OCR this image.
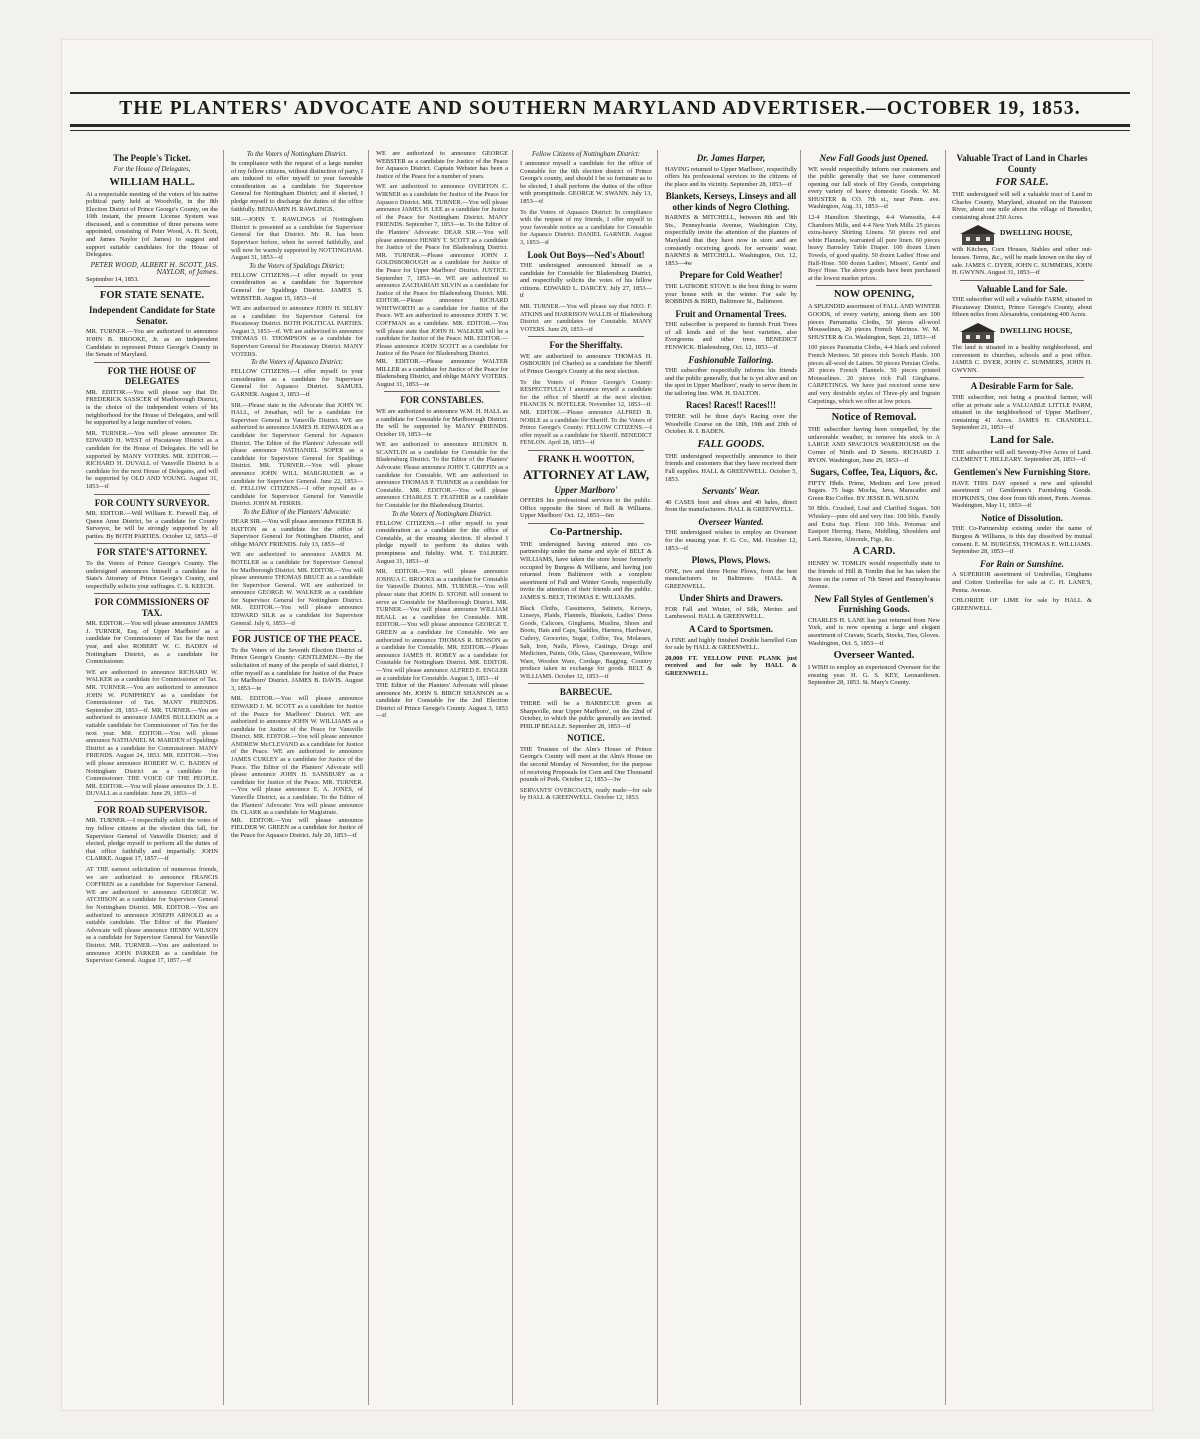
THE PLANTERS' ADVOCATE AND SOUTHERN MARYLAND ADVERTISER.—OCTOBER 19, 1853.
The People's Ticket.
For the House of Delegates,
WILLIAM HALL.
At a respectable meeting of the voters of his native political party held at Woodville, in the 8th Election District of Prince George's County, on the 10th instant, the present License System was discussed, and a committee of three persons were appointed, consisting of Peter Wood, A. H. Scott, and James Naylor (of James) to suggest and support suitable candidates for the House of Delegates.
PETER WOOD, ALBERT H. SCOTT, JAS. NAYLOR, of James.
September 14, 1853.
FOR STATE SENATE.
Independent Candidate for State Senator.
MR. TURNER.—You are authorized to announce JOHN B. BROOKE, Jr. as an Independent Candidate to represent Prince George's County in the Senate of Maryland.
FOR THE HOUSE OF DELEGATES
MR. EDITOR.—You will please say that Dr. FREDERICK SASSCER of Marlborough District, is the choice of the independent voters of his neighborhood for the House of Delegates, and will be supported by a large number of voters.
MR. TURNER.—You will please announce Dr. EDWARD H. WEST of Piscataway District as a candidate for the House of Delegates. He will be supported by MANY VOTERS. MR. EDITOR.—RICHARD H. DUVALL of Vansville District is a candidate for the next House of Delegates, and will be supported by OLD AND YOUNG. August 31, 1853—tf
FOR COUNTY SURVEYOR.
MR. EDITOR.—Will William E. Forwell Esq. of Queen Anne District, be a candidate for County Surveyor, he will be strongly supported by all parties. By BOTH PARTIES. October 12, 1853—tf
FOR STATE'S ATTORNEY.
To the Voters of Prince George's County. The undersigned announces himself a candidate for State's Attorney of Prince George's County, and respectfully solicits your suffrages. C. S. KEECH.
FOR COMMISSIONERS OF TAX.
MR. EDITOR.—You will please announce JAMES J. TURNER, Esq. of Upper Marlboro' as a candidate for Commissioner of Tax for the next year, and also ROBERT W. C. BADEN of Nottingham District, as a candidate for Commissioner.
WE are authorized to announce RICHARD W. WALKER as a candidate for Commissioner of Tax. MR. TURNER.—You are authorized to announce JOHN W. PUMPHREY as a candidate for Commissioner of Tax. MANY FRIENDS. September 28, 1853—tf. MR. TURNER.—You are authorized to announce JAMES BULLEKIN as a suitable candidate for Commissioner of Tax for the next year. MR. EDITOR.—You will please announce NATHANIEL M. MARDEN of Spaldings District as a candidate for Commissioner. MANY FRIENDS. August 24, 1853. MR. EDITOR.—You will please announce ROBERT W. C. BADEN of Nottingham District as a candidate for Commissioner. THE VOICE OF THE PEOPLE. MR. EDITOR.—You will please announce Dr. J. E. DUVALL as a candidate. June 29, 1853—tf
FOR ROAD SUPERVISOR.
MR. TURNER.—I respectfully solicit the votes of my fellow citizens at the election this fall, for Supervisor General of Vansville District; and if elected, pledge myself to perform all the duties of that office faithfully and impartially. JOHN CLARKE. August 17, 1857.—tf
AT THE earnest solicitation of numerous friends, we are authorized to announce FRANCIS COFFREN as a candidate for Supervisor General. WE are authorized to announce GEORGE W. ATCHISON as a candidate for Supervisor General for Nottingham District. MR. EDITOR.—You are authorized to announce JOSEPH ARNOLD as a suitable candidate. The Editor of the Planters' Advocate will please announce HENRY WILSON as a candidate for Supervisor General for Vansville District. MR. TURNER.—You are authorized to announce JOHN PARKER as a candidate for Supervisor General. August 17, 1857.—tf
To the Voters of Nottingham District.
In compliance with the request of a large number of my fellow citizens, without distinction of party, I am induced to offer myself to your favorable consideration as a candidate for Supervisor General for Nottingham District; and if elected, I pledge myself to discharge the duties of the office faithfully. BENJAMIN H. RAWLINGS.
SIR.—JOHN T. RAWLINGS of Nottingham District is presented as a candidate for Supervisor General for that District. Mr. R. has been Supervisor before, when he served faithfully, and will now be warmly supported by NOTTINGHAM. August 31, 1853—tf
To the Voters of Spaldings District:
FELLOW CITIZENS.—I offer myself to your consideration as a candidate for Supervisor General for Spaldings District. JAMES S. WEBSTER. August 15, 1853—tf
WE are authorized to announce JOHN H. SELBY as a candidate for Supervisor General for Piscataway District. BOTH POLITICAL PARTIES. August 3, 1853—tf. WE are authorized to announce THOMAS O. THOMPSON as a candidate for Supervisor General for Piscataway District. MANY VOTERS.
To the Voters of Aquasco District:
FELLOW CITIZENS.—I offer myself to your consideration as a candidate for Supervisor General for Aquasco District. SAMUEL GARNER. August 3, 1853—tf
SIR.—Please state in the Advocate that JOHN W. HALL, of Jonathan, will be a candidate for Supervisor General in Vansville District. WE are authorized to announce JAMES H. EDWARDS as a candidate for Supervisor General for Aquasco District. The Editor of the Planters' Advocate will please announce NATHANIEL SOPER as a candidate for Supervisor General for Spaldings District. MR. TURNER.—You will please announce JOHN WILL MARGRUDER as a candidate for Supervisor General. June 22, 1853—tf. FELLOW CITIZENS.—I offer myself as a candidate for Supervisor General for Vansville District. JOHN M. FERRIS.
To the Editor of the Planters' Advocate:
DEAR SIR.—You will please announce FEDER B. HATTON as a candidate for the office of Supervisor General for Nottingham District, and oblige MANY FRIENDS. July 13, 1853—tf
WE are authorized to announce JAMES M. BOTELER as a candidate for Supervisor General for Marlborough District. MR. EDITOR.—You will please announce THOMAS BRUCE as a candidate for Supervisor General. WE are authorized to announce GEORGE W. WALKER as a candidate for Supervisor General for Nottingham District. MR. EDITOR.—You will please announce EDWARD SILK as a candidate for Supervisor General. July 6, 1853—tf
FOR JUSTICE OF THE PEACE.
To the Voters of the Seventh Election District of Prince George's County: GENTLEMEN.—By the solicitation of many of the people of said district, I offer myself as a candidate for Justice of the Peace for Marlboro' District. JAMES B. DAVIS. August 3, 1853—te
MR. EDITOR.—You will please announce EDWARD J. M. SCOTT as a candidate for Justice of the Peace for Marlboro' District. WE are authorized to announce JOHN W. WILLIAMS as a candidate for Justice of the Peace for Vansville District. MR. EDITOR.—You will please announce ANDREW McCLEVAND as a candidate for Justice of the Peace. WE are authorized to announce JAMES CURLEY as a candidate for Justice of the Peace. The Editor of the Planters' Advocate will please announce JOHN H. SANSBURY as a candidate for Justice of the Peace. MR. TURNER.—You will please announce E. A. JONES, of Vansville District, as a candidate. To the Editor of the Planters' Advocate: You will please announce Dr. CLARK as a candidate for Magistrate.
MR. EDITOR.—You will please announce FIELDER W. GREEN as a candidate for Justice of the Peace for Aquasco District. July 20, 1853—tf
WE are authorized to announce GEORGE WEBSTER as a candidate for Justice of the Peace for Aquasco District. Captain Webster has been a Justice of the Peace for a number of years.
WE are authorized to announce OVERTON C. WIRNER as a candidate for Justice of the Peace for Aquasco District. MR. TURNER.—You will please announce JAMES H. LEE as a candidate for Justice of the Peace for Nottingham District. MANY FRIENDS. September 7, 1853—te. To the Editor of the Planters' Advocate: DEAR SIR.—You will please announce HENRY T. SCOTT as a candidate for Justice of the Peace for Bladensburg District. MR. TURNER.—Please announce JOHN J. GOLDSBOROUGH as a candidate for Justice of the Peace for Upper Marlboro' District. JUSTICE. September 7, 1853—te. WE are authorized to announce ZACHARIAH SILVIN as a candidate for Justice of the Peace for Bladensburg District. MR. EDITOR.—Please announce RICHARD WHITWORTH as a candidate for Justice of the Peace. WE are authorized to announce JOHN T. W. COFFMAN as a candidate. MR. EDITOR.—You will please state that JOHN H. WALKER will be a candidate for Justice of the Peace. MR. EDITOR.—Please announce JOHN SCOTT as a candidate for Justice of the Peace for Bladensburg District.
MR. EDITOR.—Please announce WALTER MILLER as a candidate for Justice of the Peace for Bladensburg District, and oblige MANY VOTERS. August 31, 1853—te
FOR CONSTABLES.
WE are authorized to announce W.M. H. HALL as a candidate for Constable for Marlborough District. He will be supported by MANY FRIENDS. October 19, 1853—te
WE are authorized to announce REUBEN B. SCANTLIN as a candidate for Constable for the Bladensburg District. To the Editor of the Planters' Advocate: Please announce JOHN T. GRIFFIN as a candidate for Constable. WE are authorized to announce THOMAS P. TURNER as a candidate for Constable. MR. EDITOR.—You will please announce CHARLES T. FEATHER as a candidate for Constable for the Bladensburg District.
To the Voters of Nottingham District.
FELLOW CITIZENS.—I offer myself to your consideration as a candidate for the office of Constable, at the ensuing election. If elected I pledge myself to perform its duties with promptness and fidelity. WM. T. TALBERT. August 31, 1853—tf
MR. EDITOR.—You will please announce JOSHUA C. BROOKS as a candidate for Constable for Vansville District. MR. TURNER.—You will please state that JOHN D. STONE will consent to serve as Constable for Marlborough District. MR. TURNER.—You will please announce WILLIAM BEALL as a candidate for Constable. MR. EDITOR.—You will please announce GEORGE T. GREEN as a candidate for Constable. We are authorized to announce THOMAS R. BENSON as a candidate for Constable. MR. EDITOR.—Please announce JAMES H. ROBEY as a candidate for Constable for Nottingham District. MR. EDITOR.—You will please announce ALFRED E. ENGLER as a candidate for Constable. August 3, 1853—tf
THE Editor of the Planters' Advocate will please announce Mr. JOHN S. BIRCH SHANNON as a candidate for Constable for the 2nd Election District of Prince George's County. August 3, 1853—tf
Fellow Citizens of Nottingham District:
I announce myself a candidate for the office of Constable for the 6th election district of Prince George's county, and should I be so fortunate as to be elected, I shall perform the duties of the office with promptitude. GEORGE W. SWANN. July 13, 1853—tf
To the Voters of Aquasco District: In compliance with the request of my friends, I offer myself to your favorable notice as a candidate for Constable for Aquasco District. DANIEL GARNER. August 3, 1853—tf
Look Out Boys—Ned's About!
THE undersigned announced himself as a candidate for Constable for Bladensburg District, and respectfully solicits the votes of his fellow citizens. EDWARD L. DARCEY. July 27, 1853—tf
MR. TURNER.—You will please say that NEO. F. ATKINS and HARRISON WALLIS of Bladensburg District are candidates for Constable. MANY VOTERS. June 29, 1853—tf
For the Sheriffalty.
WE are authorized to announce THOMAS H. OSBOURN (of Charles) as a candidate for Sheriff of Prince George's County at the next election.
To the Voters of Prince George's County: RESPECTFULLY I announce myself a candidate for the office of Sheriff at the next election. FRANCIS N. BOTELER. November 12, 1853—tf. MR. EDITOR.—Please announce ALFRED B. NOBLE as a candidate for Sheriff. To the Voters of Prince George's County: FELLOW CITIZENS.—I offer myself as a candidate for Sheriff. BENEDICT FENLON. April 28, 1853—tf
FRANK H. WOOTTON,
ATTORNEY AT LAW,
Upper Marlboro'
OFFERS his professional services to the public. Office opposite the Store of Bell & Williams. Upper Marlboro' Oct. 12, 1853—6m
Co-Partnership.
THE undersigned having entered into co-partnership under the name and style of BELT & WILLIAMS, have taken the store house formerly occupied by Burgess & Williams, and having just returned from Baltimore with a complete assortment of Fall and Winter Goods, respectfully invite the attention of their friends and the public. JAMES S. BELT, THOMAS E. WILLIAMS.
Black Cloths, Cassimeres, Satinets, Kerseys, Linseys, Plaids, Flannels, Blankets, Ladies' Dress Goods, Calicoes, Ginghams, Muslins, Shoes and Boots, Hats and Caps, Saddles, Harness, Hardware, Cutlery, Groceries, Sugar, Coffee, Tea, Molasses, Salt, Iron, Nails, Plows, Castings, Drugs and Medicines, Paints, Oils, Glass, Queensware, Willow Ware, Wooden Ware, Cordage, Bagging. Country produce taken in exchange for goods. BELT & WILLIAMS. October 12, 1853—tf
BARBECUE.
THERE will be a BARBECUE given at Sharpsville, near Upper Marlboro', on the 22nd of October, to which the public generally are invited. PHILIP BEALLE. September 28, 1853—tf
NOTICE.
THE Trustees of the Alm's House of Prince George's County will meet at the Alm's House on the second Monday of November, for the purpose of receiving Proposals for Corn and One Thousand pounds of Pork. October 12, 1853—3w
SERVANTS' OVERCOATS, ready made—for sale by HALL & GREENWELL. October 12, 1853.
Dr. James Harper,
HAVING returned to Upper Marlboro', respectfully offers his professional services to the citizens of the place and its vicinity. September 28, 1853—tf
Blankets, Kerseys, Linseys and all other kinds of Negro Clothing.
BARNES & MITCHELL, between 8th and 9th Sts., Pennsylvania Avenue, Washington City, respectfully invite the attention of the planters of Maryland that they have now in store and are constantly receiving goods for servants' wear. BARNES & MITCHELL. Washington, Oct. 12, 1853—4w
Prepare for Cold Weather!
THE LATROBE STOVE is the best thing to warm your house with in the winter. For sale by ROBBINS & BIRD, Baltimore St., Baltimore.
Fruit and Ornamental Trees.
THE subscriber is prepared to furnish Fruit Trees of all kinds and of the best varieties, also Evergreens and other trees. BENEDICT FENWICK. Bladensburg, Oct. 12, 1853—tf
Fashionable Tailoring.
THE subscriber respectfully informs his friends and the public generally, that he is yet alive and on the spot in Upper Marlboro', ready to serve them in the tailoring line. WM. H. DALTON.
Races! Races!! Races!!!
THERE will be three day's Racing over the Woodville Course on the 18th, 19th and 20th of October. R. I. BADEN.
FALL GOODS.
THE undersigned respectfully announce to their friends and customers that they have received their Fall supplies. HALL & GREENWELL. October 5, 1853.
Servants' Wear.
40 CASES boot and shoes and 40 bales, direct from the manufacturers. HALL & GREENWELL.
Overseer Wanted.
THE undersigned wishes to employ an Overseer for the ensuing year. F. G. Co., Md. October 12, 1853—tf
Plows, Plows, Plows.
ONE, two and three Horse Plows, from the best manufacturers in Baltimore. HALL & GREENWELL.
Under Shirts and Drawers.
FOR Fall and Winter, of Silk, Merino and Lambswool. HALL & GREENWELL.
A Card to Sportsmen.
A FINE and highly finished Double barrelled Gun for sale by HALL & GREENWELL.
20,000 FT. YELLOW PINE PLANK just received and for sale by HALL & GREENWELL.
New Fall Goods just Opened.
WE would respectfully inform our customers and the public generally that we have commenced opening our fall stock of Dry Goods, comprising every variety of heavy domestic Goods. W. M. SHUSTER & CO. 7th st., near Penn. ave. Washington, Aug. 31, 1853—tf
12-4 Hamilton Sheetings, 4-4 Wamsutta, 4-4 Chambers Mills, and 4-4 New York Mills. 25 pieces extra-heavy Shirting Linens. 50 pieces red and white Flannels, warranted all pure linen. 60 pieces heavy Barnsley Table Diaper. 100 dozen Linen Towels, of good quality. 50 dozen Ladies' Hose and Half-Hose. 500 dozen Ladies', Misses', Gents' and Boys' Hose. The above goods have been purchased at the lowest market prices.
NOW OPENING,
A SPLENDID assortment of FALL AND WINTER GOODS, of every variety, among them are 100 pieces Parramatta Cloths, 50 pieces all-wool Mousselines, 20 pieces French Merinos. W. M. SHUSTER & Co. Washington, Sept. 21, 1853—tf
100 pieces Paramatta Cloths, 4-4 black and colored French Merinos. 50 pieces rich Scotch Plaids. 100 pieces all-wool de Laines. 50 pieces Persian Cloths. 20 pieces French Flannels. 50 pieces printed Mousselines. 20 pieces rich Fall Ginghams. CARPETINGS. We have just received some new and very desirable styles of Three-ply and Ingrain Carpetings, which we offer at low prices.
Notice of Removal.
THE subscriber having been compelled, by the unfavorable weather, to remove his stock to A LARGE AND SPACIOUS WAREHOUSE on the Corner of Ninth and D Streets. RICHARD J. RYON. Washington, June 29, 1853—tf
Sugars, Coffee, Tea, Liquors, &c.
FIFTY Hhds. Prime, Medium and Low priced Sugars. 75 bags Mocha, Java, Maracaibo and Green Rio Coffee. BY JESSE B. WILSON.
50 Bbls. Crushed, Loaf and Clarified Sugars. 500 Whiskey—pure old and very fine. 100 bbls. Family and Extra Sup. Flour. 100 bbls. Potomac and Eastport Herring. Hams, Middling, Shoulders and Lard. Raisins, Almonds, Figs, &c.
A CARD.
HENRY W. TOMLIN would respectfully state to the friends of Hill & Tomlin that he has taken the Store on the corner of 7th Street and Pennsylvania Avenue.
New Fall Styles of Gentlemen's Furnishing Goods.
CHARLES H. LANE has just returned from New York, and is now opening a large and elegant assortment of Cravats, Scarfs, Stocks, Ties, Gloves. Washington, Oct. 5, 1853—tf
Overseer Wanted.
I WISH to employ an experienced Overseer for the ensuing year. H. G. S. KEY, Leonardtown. September 28, 1853. St. Mary's County.
Valuable Tract of Land in Charles County
FOR SALE.
THE undersigned will sell a valuable tract of Land in Charles County, Maryland, situated on the Patuxent River, about one mile above the village of Benedict, containing about 250 Acres.
DWELLING HOUSE,
with Kitchen, Corn Houses, Stables and other out-houses. Terms, &c., will be made known on the day of sale. JAMES C. DYER, JOHN C. SUMMERS, JOHN H. GWYNN. August 31, 1853—tf
Valuable Land for Sale.
THE subscriber will sell a valuable FARM, situated in Piscataway District, Prince George's County, about fifteen miles from Alexandria, containing 400 Acres.
DWELLING HOUSE,
The land is situated in a healthy neighborhood, and convenient to churches, schools and a post office. JAMES C. DYER, JOHN C. SUMMERS, JOHN H. GWYNN.
A Desirable Farm for Sale.
THE subscriber, not being a practical farmer, will offer at private sale a VALUABLE LITTLE FARM, situated in the neighborhood of Upper Marlboro', containing 41 Acres. JAMES H. CRANDELL. September 21, 1853—tf
Land for Sale.
THE subscriber will sell Seventy-Five Acres of Land. CLEMENT T. HILLEARY. September 28, 1853—tf
Gentlemen's New Furnishing Store.
HAVE THIS DAY opened a new and splendid assortment of Gentlemen's Furnishing Goods. HOPKINS'S, One door from 6th street, Penn. Avenue. Washington, May 11, 1853—tf
Notice of Dissolution.
THE Co-Partnership existing under the name of Burgess & Williams, is this day dissolved by mutual consent. E. M. BURGESS, THOMAS E. WILLIAMS. September 28, 1853—tf
For Rain or Sunshine.
A SUPERIOR assortment of Umbrellas, Ginghams and Cotton Umbrellas for sale at C. H. LANE'S, Penna. Avenue.
CHLORIDE OF LIME for sale by HALL & GREENWELL.
